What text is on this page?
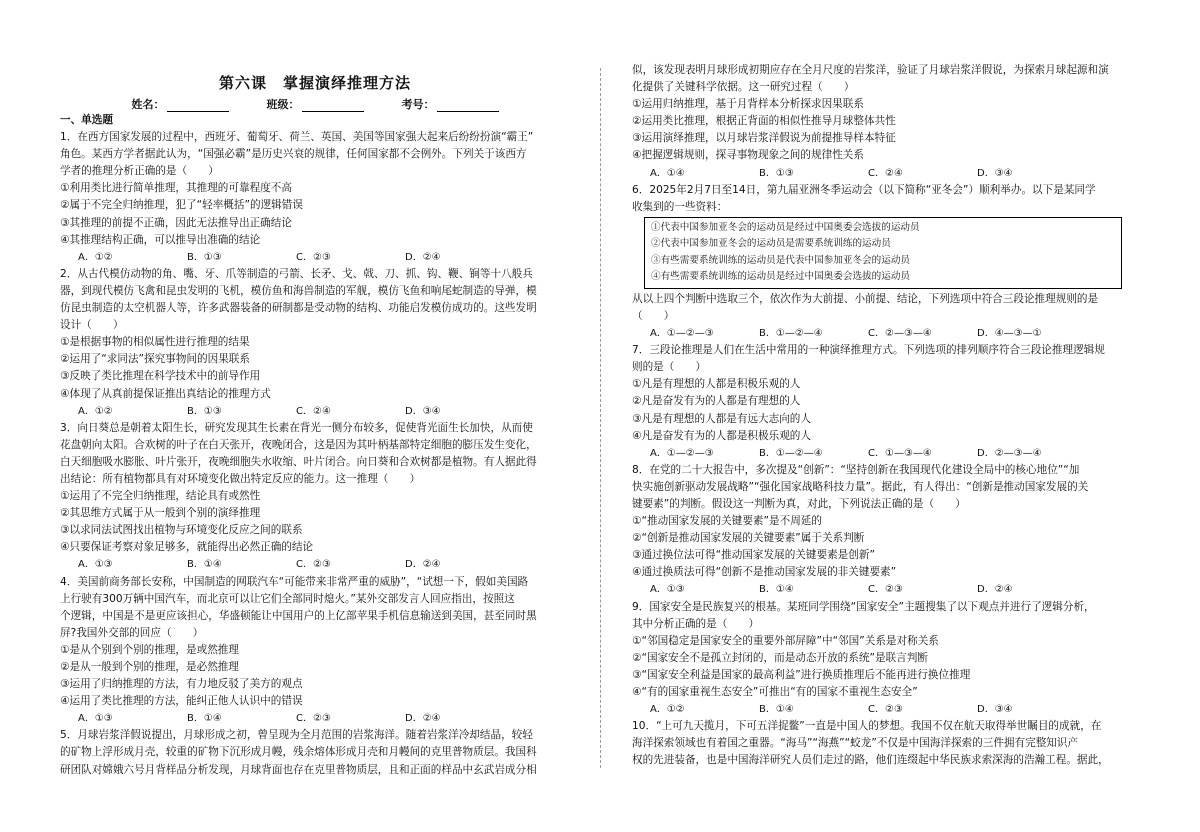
第六课　掌握演绎推理方法
姓名：	班级：	考号：

一、单选题

1．在西方国家发展的过程中，西班牙、葡萄牙、荷兰、英国、美国等国家强大起来后纷纷扮演“霸王”

角色。某西方学者据此认为，“国强必霸”是历史兴衰的规律，任何国家都不会例外。下列关于该西方

学者的推理分析正确的是（　　）

①利用类比进行简单推理，其推理的可靠程度不高

②属于不完全归纳推理，犯了“轻率概括”的逻辑错误

③其推理的前提不正确，因此无法推导出正确结论

④其推理结构正确，可以推导出准确的结论

A．①②	B．①③	C．②③	D．②④

2．从古代模仿动物的角、嘴、牙、爪等制造的弓箭、长矛、戈、戟、刀、抓、钩、鞭、锏等十八般兵

器，到现代模仿飞禽和昆虫发明的飞机，模仿鱼和海兽制造的军舰，模仿飞鱼和响尾蛇制造的导弹，模

仿昆虫制造的太空机器人等，许多武器装备的研制都是受动物的结构、功能启发模仿成功的。这些发明

设计（　　）

①是根据事物的相似属性进行推理的结果

②运用了“求同法”探究事物间的因果联系

③反映了类比推理在科学技术中的前导作用

④体现了从真前提保证推出真结论的推理方式

A．①②	B．①③	C．②④	D．③④

3．向日葵总是朝着太阳生长，研究发现其生长素在背光一侧分布较多，促使背光面生长加快，从而使

花盘朝向太阳。合欢树的叶子在白天张开，夜晚闭合，这是因为其叶柄基部特定细胞的膨压发生变化，

白天细胞吸水膨胀、叶片张开，夜晚细胞失水收缩、叶片闭合。向日葵和合欢树都是植物。有人据此得

出结论：所有植物都具有对环境变化做出特定反应的能力。这一推理（　　）

①运用了不完全归纳推理，结论具有或然性

②其思维方式属于从一般到个别的演绎推理

③以求同法试图找出植物与环境变化反应之间的联系

④只要保证考察对象足够多，就能得出必然正确的结论

A．①③	B．①④	C．②③	D．②④

4．美国前商务部长安称，中国制造的网联汽车“可能带来非常严重的威胁”，“试想一下，假如美国路

上行驶有300万辆中国汽车，而北京可以让它们全部同时熄火。”某外交部发言人回应指出，按照这

个逻辑，中国是不是更应该担心，华盛顿能让中国用户的上亿部苹果手机信息输送到美国，甚至同时黑

屏?我国外交部的回应（　　）

①是从个别到个别的推理，是或然推理

②是从一般到个别的推理，是必然推理

③运用了归纳推理的方法，有力地反驳了美方的观点

④运用了类比推理的方法，能纠正他人认识中的错误

A．①③	B．①④	C．②③	D．②④

5．月球岩浆洋假说提出，月球形成之初，曾呈现为全月范围的岩浆海洋。随着岩浆洋冷却结晶，较轻

的矿物上浮形成月壳，较重的矿物下沉形成月幔，残余熔体形成月壳和月幔间的克里普物质层。我国科

研团队对嫦娥六号月背样品分析发现，月球背面也存在克里普物质层，且和正面的样品中玄武岩成分相

似，该发现表明月球形成初期应存在全月尺度的岩浆洋，验证了月球岩浆洋假说，为探索月球起源和演

化提供了关键科学依据。这一研究过程（　　）

①运用归纳推理，基于月背样本分析探求因果联系

②运用类比推理，根据正背面的相似性推导月球整体共性

③运用演绎推理，以月球岩浆洋假说为前提推导样本特征

④把握逻辑规则，探寻事物现象之间的规律性关系

A．①④	B．①③	C．②④	D．③④

6．2025年2月7日至14日，第九届亚洲冬季运动会（以下简称“亚冬会”）顺利举办。以下是某同学

收集到的一些资料：

①代表中国参加亚冬会的运动员是经过中国奥委会选拔的运动员
②代表中国参加亚冬会的运动员是需要系统训练的运动员
③有些需要系统训练的运动员是代表中国参加亚冬会的运动员
④有些需要系统训练的运动员是经过中国奥委会选拔的运动员

从以上四个判断中选取三个，依次作为大前提、小前提、结论，下列选项中符合三段论推理规则的是

（　　）

A．①—②—③	B．①—②—④	C．②—③—④	D．④—③—①

7．三段论推理是人们在生活中常用的一种演绎推理方式。下列选项的排列顺序符合三段论推理逻辑规

则的是（　　）

①凡是有理想的人都是积极乐观的人

②凡是奋发有为的人都是有理想的人

③凡是有理想的人都是有远大志向的人

④凡是奋发有为的人都是积极乐观的人

A．①—②—③	B．①—②—④	C．①—③—④	D．②—③—④

8．在党的二十大报告中，多次提及“创新”：“坚持创新在我国现代化建设全局中的核心地位”“加

快实施创新驱动发展战略”“强化国家战略科技力量”。据此，有人得出：“创新是推动国家发展的关

键要素”的判断。假设这一判断为真，对此，下列说法正确的是（　　）

①“推动国家发展的关键要素”是不周延的

②“创新是推动国家发展的关键要素”属于关系判断

③通过换位法可得“推动国家发展的关键要素是创新”

④通过换质法可得“创新不是推动国家发展的非关键要素”

A．①③	B．①④	C．②③	D．②④

9．国家安全是民族复兴的根基。某班同学围绕“国家安全”主题搜集了以下观点并进行了逻辑分析，

其中分析正确的是（　　）

①“邻国稳定是国家安全的重要外部屏障”中“邻国”关系是对称关系

②“国家安全不是孤立封闭的，而是动态开放的系统”是联言判断

③“国家安全利益是国家的最高利益”进行换质推理后不能再进行换位推理

④“有的国家重视生态安全”可推出“有的国家不重视生态安全”

A．①②	B．①④	C．②③	D．③④

10．“上可九天揽月，下可五洋捉鳖”一直是中国人的梦想。我国不仅在航天取得举世瞩目的成就，在

海洋探索领域也有着国之重器。“海马”“海燕”“蛟龙”不仅是中国海洋探索的三件拥有完整知识产

权的先进装备，也是中国海洋研究人员们走过的路，他们连缀起中华民族求索深海的浩瀚工程。据此，
